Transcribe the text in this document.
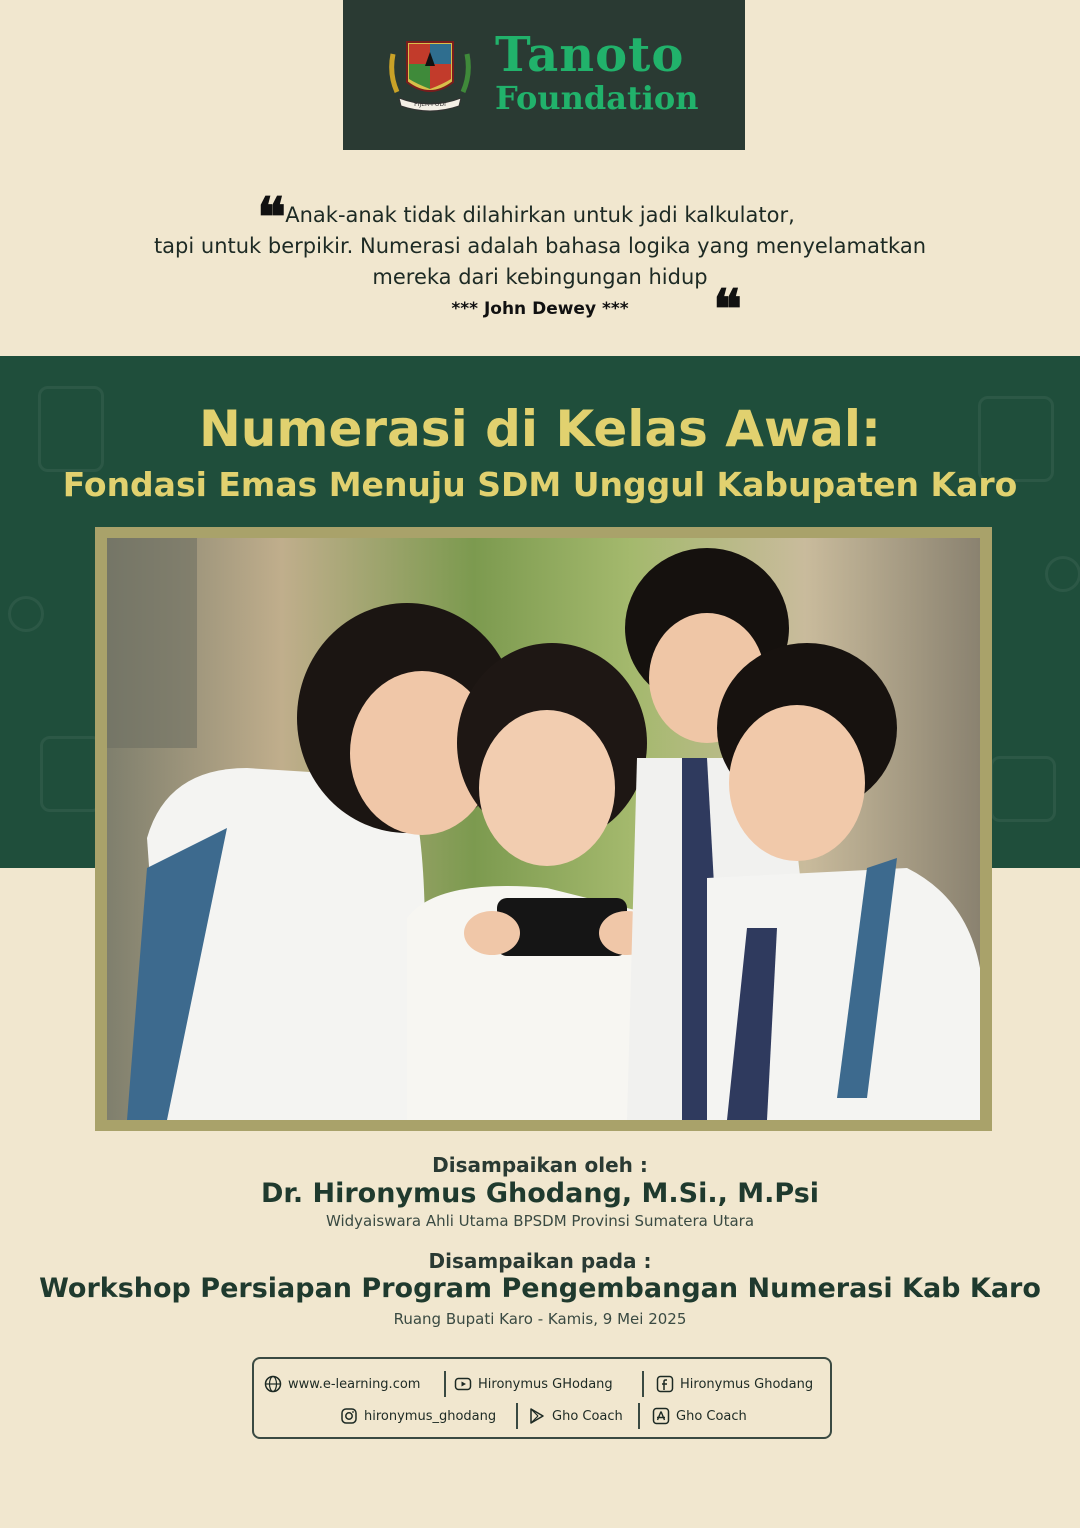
PIJER PODI
Tanoto
Foundation
❝ Anak-anak tidak dilahirkan untuk jadi kalkulator,
tapi untuk berpikir. Numerasi adalah bahasa logika yang menyelamatkan
mereka dari kebingungan hidup
*** John Dewey ***	❝
Numerasi di Kelas Awal:
Fondasi Emas Menuju SDM Unggul Kabupaten Karo
Disampaikan oleh :
Dr. Hironymus Ghodang, M.Si., M.Psi
Widyaiswara Ahli Utama BPSDM Provinsi Sumatera Utara
Disampaikan pada :
Workshop Persiapan Program Pengembangan Numerasi Kab Karo
Ruang Bupati Karo - Kamis, 9 Mei 2025
www.e-learning.com	Hironymus GHodang	Hironymus Ghodang
hironymus_ghodang	Gho Coach	Gho Coach
